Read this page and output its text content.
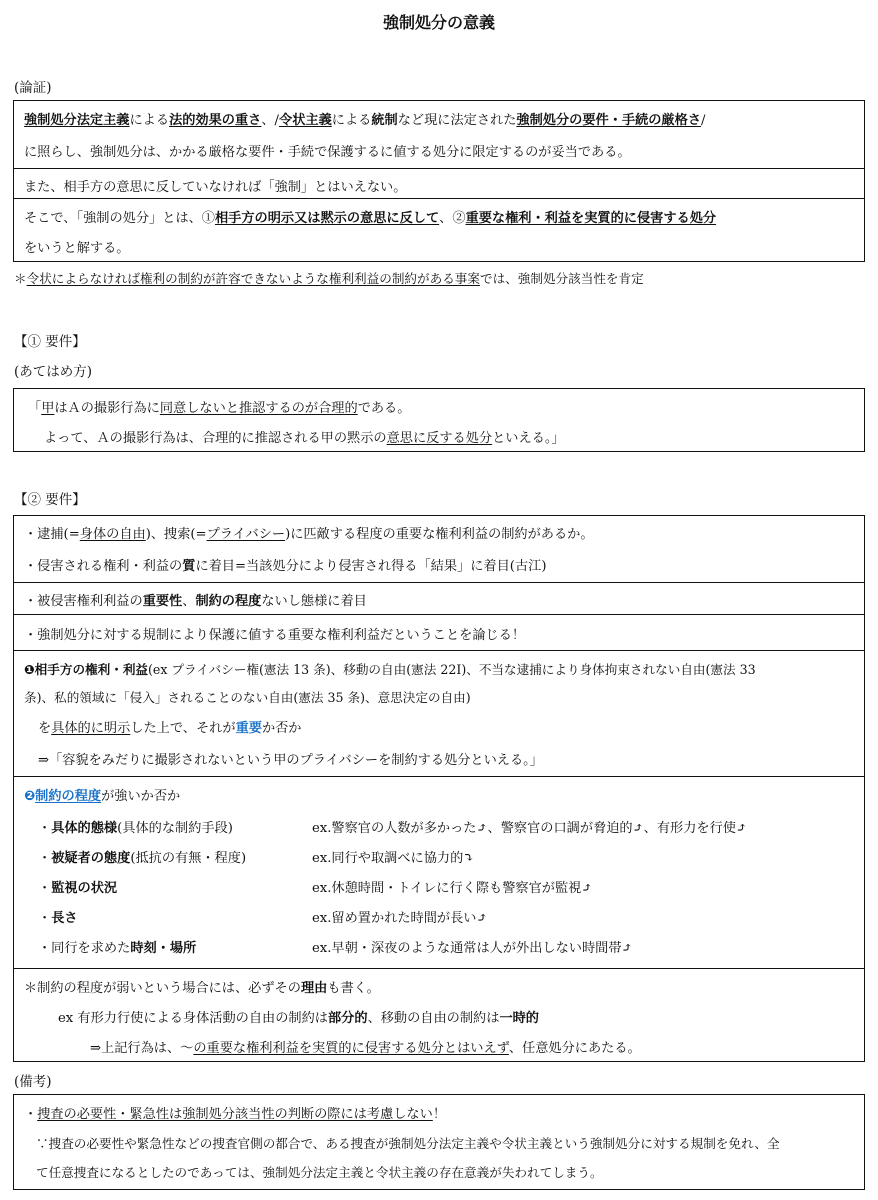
強制処分の意義
(論証)
強制処分法定主義による法的効果の重さ、/令状主義による統制など現に法定された強制処分の要件・手続の厳格さ/
に照らし、強制処分は、かかる厳格な要件・手続で保護するに値する処分に限定するのが妥当である。
また、相手方の意思に反していなければ「強制」とはいえない。
そこで、「強制の処分」とは、①相手方の明示又は黙示の意思に反して、②重要な権利・利益を実質的に侵害する処分
をいうと解する。
＊令状によらなければ権利の制約が許容できないような権利利益の制約がある事案では、強制処分該当性を肯定
【① 要件】
(あてはめ方)
「甲はＡの撮影行為に同意しないと推認するのが合理的である。
よって、Ａの撮影行為は、合理的に推認される甲の黙示の意思に反する処分といえる。」
【② 要件】
・逮捕(=身体の自由)、捜索(=プライバシー)に匹敵する程度の重要な権利利益の制約があるか。
・侵害される権利・利益の質に着目=当該処分により侵害され得る「結果」に着目(古江)
・被侵害権利利益の重要性、制約の程度ないし態様に着目
・強制処分に対する規制により保護に値する重要な権利利益だということを論じる！
❶相手方の権利・利益(ex プライバシー権(憲法 13 条)、移動の自由(憲法 22Ⅰ)、不当な逮捕により身体拘束されない自由(憲法 33
条)、私的領域に「侵入」されることのない自由(憲法 35 条)、意思決定の自由)
を具体的に明示した上で、それが重要か否か
⇒「容貌をみだりに撮影されないという甲のプライバシーを制約する処分といえる。」
❷制約の程度が強いか否か
・具体的態様(具体的な制約手段)	ex.警察官の人数が多かった⤴、警察官の口調が脅迫的⤴、有形力を行使⤴
・被疑者の態度(抵抗の有無・程度)	ex.同行や取調べに協力的⤵
・監視の状況	ex.休憩時間・トイレに行く際も警察官が監視⤴
・長さ	ex.留め置かれた時間が長い⤴
・同行を求めた時刻・場所	ex.早朝・深夜のような通常は人が外出しない時間帯⤴
＊制約の程度が弱いという場合には、必ずその理由も書く。
ex 有形力行使による身体活動の自由の制約は部分的、移動の自由の制約は一時的
⇒上記行為は、〜の重要な権利利益を実質的に侵害する処分とはいえず、任意処分にあたる。
(備考)
・捜査の必要性・緊急性は強制処分該当性の判断の際には考慮しない！
∵捜査の必要性や緊急性などの捜査官側の都合で、ある捜査が強制処分法定主義や令状主義という強制処分に対する規制を免れ、全
て任意捜査になるとしたのであっては、強制処分法定主義と令状主義の存在意義が失われてしまう。
